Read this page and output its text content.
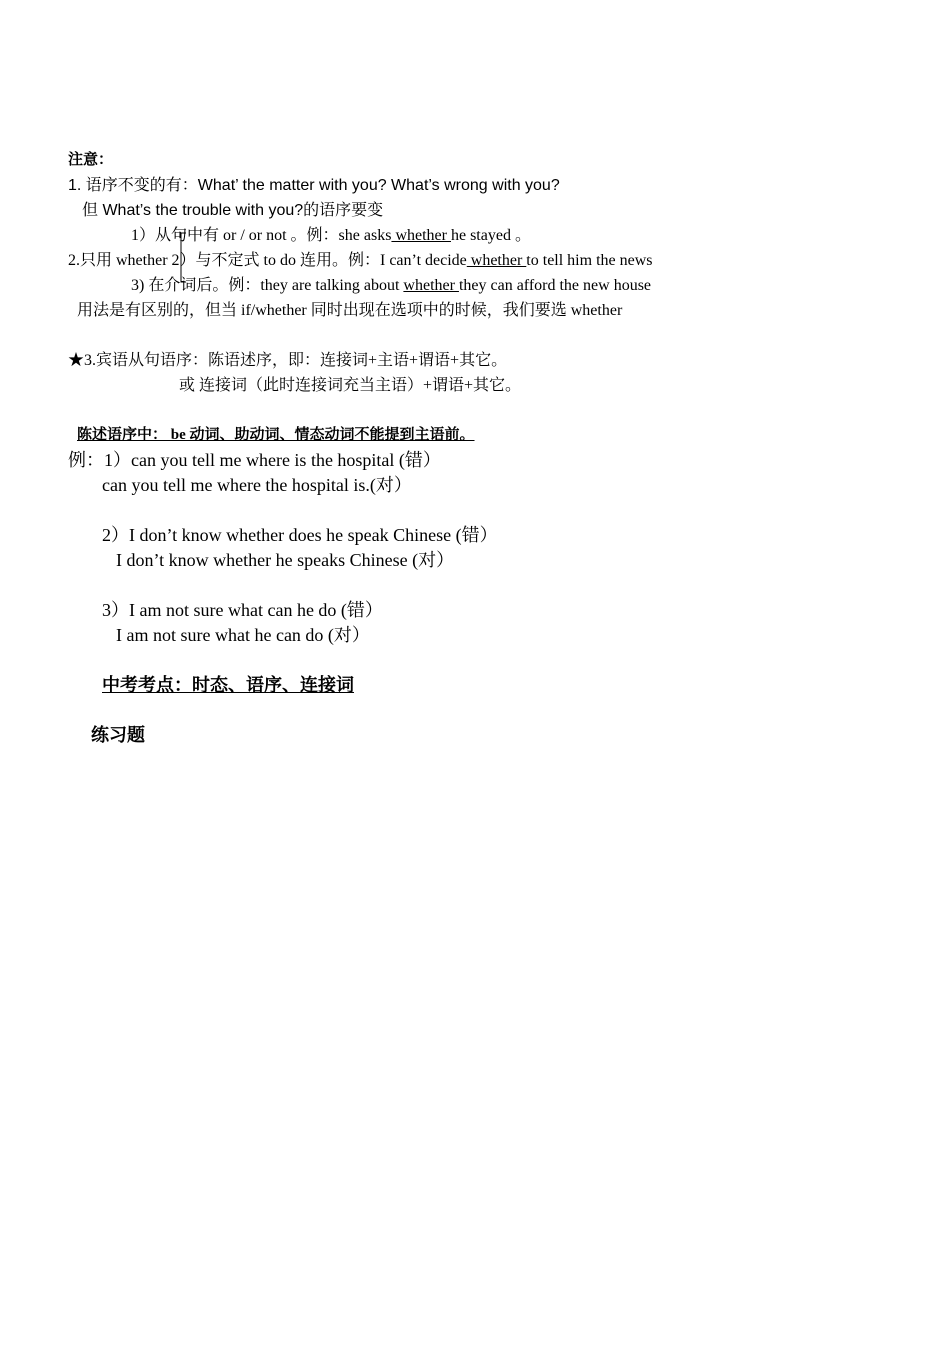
注意：
1. 语序不变的有：What’ the matter with you? What’s wrong with you?
但 What’s the trouble with you?的语序要变
1）从句中有 or / or not 。例：she asks whether he stayed 。
2.只用 whether 2）与不定式 to do 连用。例：I can’t decide whether to tell him the news
3) 在介词后。例：they are talking about whether they can afford the new house
用法是有区别的，但当 if/whether 同时出现在选项中的时候，我们要选 whether
★3.宾语从句语序：陈语述序，即：连接词+主语+谓语+其它。
或 连接词（此时连接词充当主语）+谓语+其它。
陈述语序中： be 动词、助动词、情态动词不能提到主语前。
例：1）can you tell me where is the hospital (错）
can you tell me where the hospital is.(对）
2）I don’t know whether does he speak Chinese (错）
I don’t know whether he speaks Chinese (对）
3）I am not sure what can he do (错）
I am not sure what he can do (对）
中考考点：时态、语序、连接词
练习题
